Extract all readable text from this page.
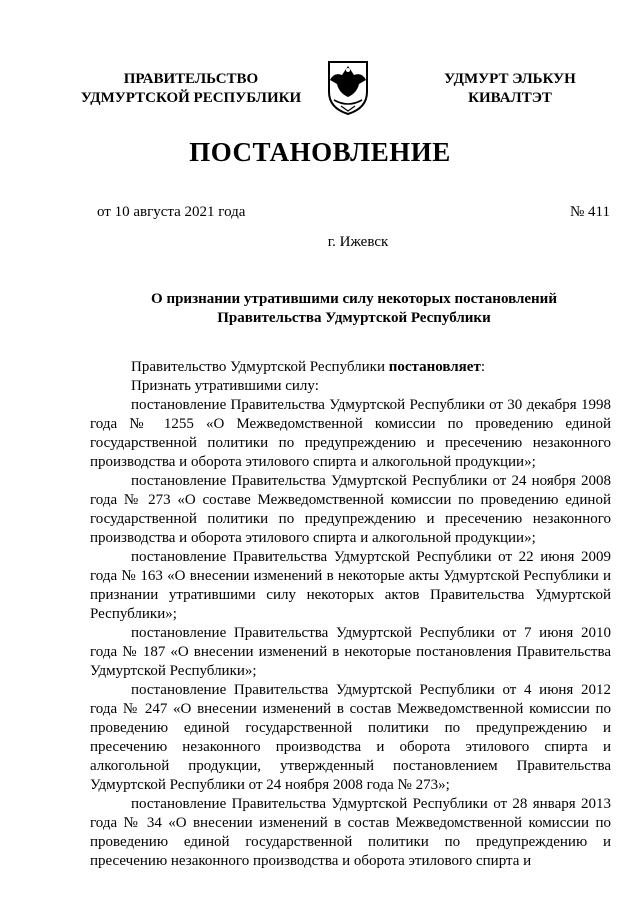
ПРАВИТЕЛЬСТВО
УДМУРТСКОЙ РЕСПУБЛИКИ
УДМУРТ ЭЛЬКУН
КИВАЛТЭТ
ПОСТАНОВЛЕНИЕ
от 10 августа 2021 года	№ 411
г. Ижевск
О признании утратившими силу некоторых постановлений
Правительства Удмуртской Республики

Правительство Удмуртской Республики постановляет:

Признать утратившими силу:

постановление Правительства Удмуртской Республики от 30 декабря 1998 года № 1255 «О Межведомственной комиссии по проведению единой государственной политики по предупреждению и пресечению незаконного производства и оборота этилового спирта и алкогольной продукции»;

постановление Правительства Удмуртской Республики от 24 ноября 2008 года № 273 «О составе Межведомственной комиссии по проведению единой государственной политики по предупреждению и пресечению незаконного производства и оборота этилового спирта и алкогольной продукции»;

постановление Правительства Удмуртской Республики от 22 июня 2009 года № 163 «О внесении изменений в некоторые акты Удмуртской Республики и признании утратившими силу некоторых актов Правительства Удмуртской Республики»;

постановление Правительства Удмуртской Республики от 7 июня 2010 года № 187 «О внесении изменений в некоторые постановления Правительства Удмуртской Республики»;

постановление Правительства Удмуртской Республики от 4 июня 2012 года № 247 «О внесении изменений в состав Межведомственной комиссии по проведению единой государственной политики по предупреждению и пресечению незаконного производства и оборота этилового спирта и алкогольной продукции, утвержденный постановлением Правительства Удмуртской Республики от 24 ноября 2008 года № 273»;

постановление Правительства Удмуртской Республики от 28 января 2013 года № 34 «О внесении изменений в состав Межведомственной комиссии по проведению единой государственной политики по предупреждению и пресечению незаконного производства и оборота этилового спирта и
